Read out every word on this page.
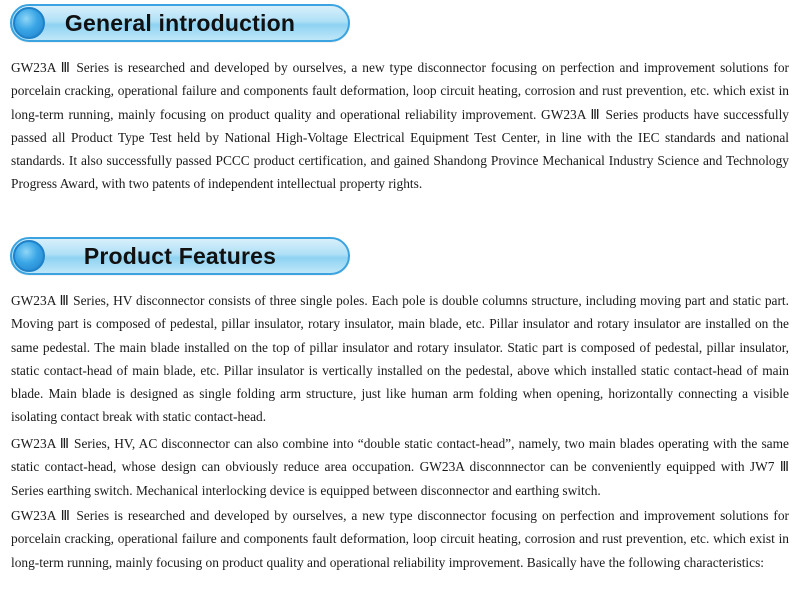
General introduction

GW23A Ⅲ Series is researched and developed by ourselves, a new type disconnector focusing on perfection and improvement solutions for porcelain cracking, operational failure and components fault deformation, loop circuit heating, corrosion and rust prevention, etc. which exist in long-term running, mainly focusing on product quality and operational reliability improvement. GW23A Ⅲ Series products have successfully passed all Product Type Test held by National High-Voltage Electrical Equipment Test Center, in line with the IEC standards and national standards. It also successfully passed PCCC product certification, and gained Shandong Province Mechanical Industry Science and Technology Progress Award, with two patents of independent intellectual property rights.

Product Features

GW23A Ⅲ Series, HV disconnector consists of three single poles. Each pole is double columns structure, including moving part and static part. Moving part is composed of pedestal, pillar insulator, rotary insulator, main blade, etc. Pillar insulator and rotary insulator are installed on the same pedestal. The main blade installed on the top of pillar insulator and rotary insulator. Static part is composed of pedestal, pillar insulator, static contact-head of main blade, etc. Pillar insulator is vertically installed on the pedestal, above which installed static contact-head of main blade. Main blade is designed as single folding arm structure, just like human arm folding when opening, horizontally connecting a visible isolating contact break with static contact-head.

GW23A Ⅲ Series, HV, AC disconnector can also combine into “double static contact-head”, namely, two main blades operating with the same static contact-head, whose design can obviously reduce area occupation. GW23A disconnnector can be conveniently equipped with JW7 Ⅲ Series earthing switch. Mechanical interlocking device is equipped between disconnector and earthing switch.

GW23A Ⅲ Series is researched and developed by ourselves, a new type disconnector focusing on perfection and improvement solutions for porcelain cracking, operational failure and components fault deformation, loop circuit heating, corrosion and rust prevention, etc. which exist in long-term running, mainly focusing on product quality and operational reliability improvement. Basically have the following characteristics:
